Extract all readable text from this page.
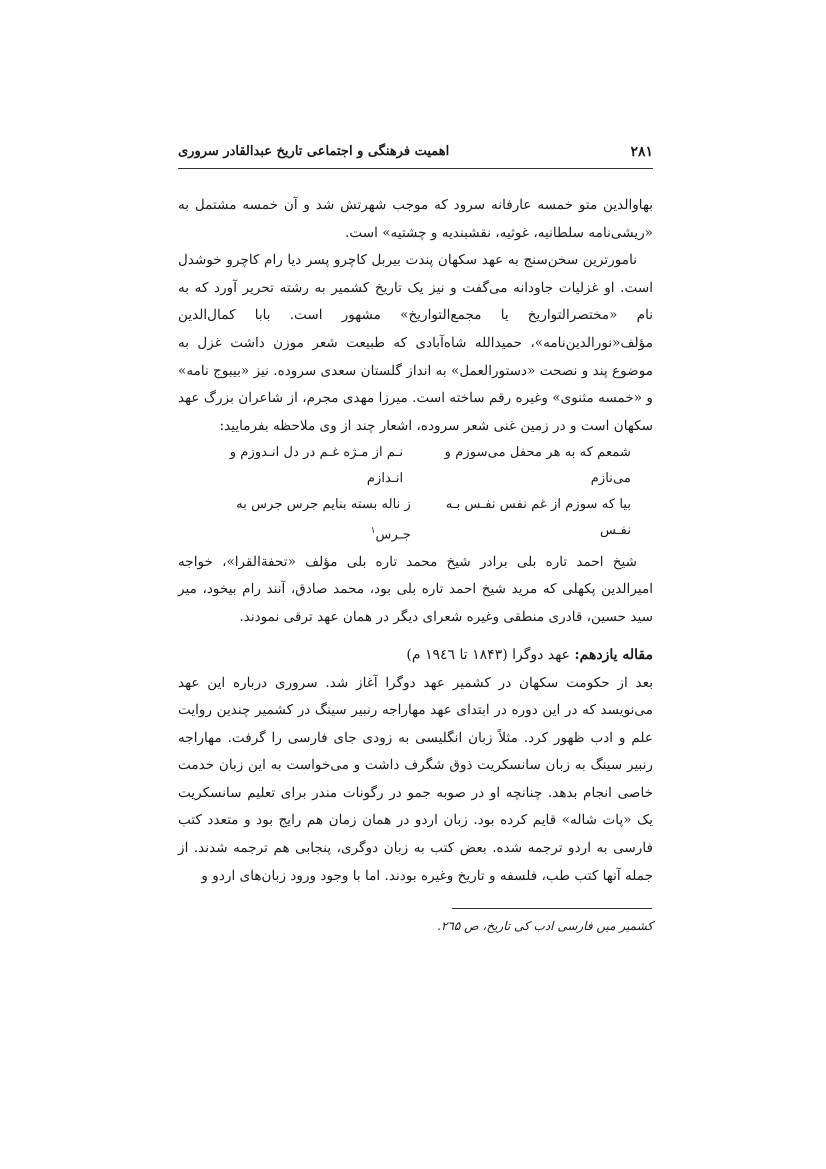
۲۸۱
اهمیت فرهنگی و اجتماعی تاریخ عبدالقادر سروری

بهاوالدین متو خمسه عارفانه سرود که موجب شهرتش شد و آن خمسه مشتمل به «ریشی‌نامه سلطانیه، غوثیه، نقشبندیه و چشتیه» است.

نامورترین سخن‌سنج به عهد سکهان پندت بیربل کاچرو پسر دیا رام کاچرو خوشدل است. او غزلیات جاودانه می‌گفت و نیز یک تاریخ کشمیر به رشته تحریر آورد که به نام «مختصرالتواریخ یا مجمع‌التواریخ» مشهور است. بابا کمال‌الدین مؤلف«نورالدین‌نامه»، حمیدالله شاه‌آبادی که طبیعت شعر موزن داشت غزل به موضوع پند و نصحت «دستورالعمل» به انداز گلستان سعدی سروده. نیز «بیبوج نامه» و «خمسه مثنوی» وغیره رقم ساخته است. میرزا مهدی مجرم، از شاعران بزرگ عهد سکهان است و در زمین غنی شعر سروده، اشعار چند از وی ملاحظه بفرمایید:

شمعم که به هر محفل می‌سوزم و می‌نازم
نـم از مـژه غـم در دل انـدوزم و انـدازم
بیا که سوزم از غم نفس نفـس بـه نفـس
ز ناله بسته بنایم جرس جرس به جـرس$^۱$

شیخ احمد تاره بلی برادر شیخ محمد تاره بلی مؤلف «تحفة‌القرا»، خواجه امیرالدین پکهلی که مرید شیخ احمد تاره بلی بود، محمد صادق، آنند رام بیخود، میر سید حسین، قادری منطقی وغیره شعرای دیگر در همان عهد ترقی نمودند.

مقاله یازدهم: عهد دوگرا (۱۸۴۳ تا ۱۹٤٦ م)

بعد از حکومت سکهان در کشمیر عهد دوگرا آغاز شد. سروری درباره این عهد می‌نویسد که در این دوره در ابتدای عهد مهاراجه رنبیر سینگ در کشمیر چندین روایت علم و ادب ظهور کرد. مثلاً زبان انگلیسی به زودی جای فارسی را گرفت. مهاراجه رنبیر سینگ به زبان سانسکریت ذوق شگرف داشت و می‌خواست به این زبان خدمت خاصی انجام بدهد. چنانچه او در صوبه جمو در رگونات مندر برای تعلیم سانسکریت یک «پات شاله» قایم کرده بود. زبان اردو در همان زمان هم رایج بود و متعدد کتب فارسی به اردو ترجمه شده. بعض کتب به زبان دوگری، پنجابی هم ترجمه شدند. از جمله آنها کتب طب، فلسفه و تاریخ وغیره بودند. اما با وجود ورود زبان‌های اردو و

کشمیر میں فارسی ادب کی تاریخ، ص ۲٦۵.
